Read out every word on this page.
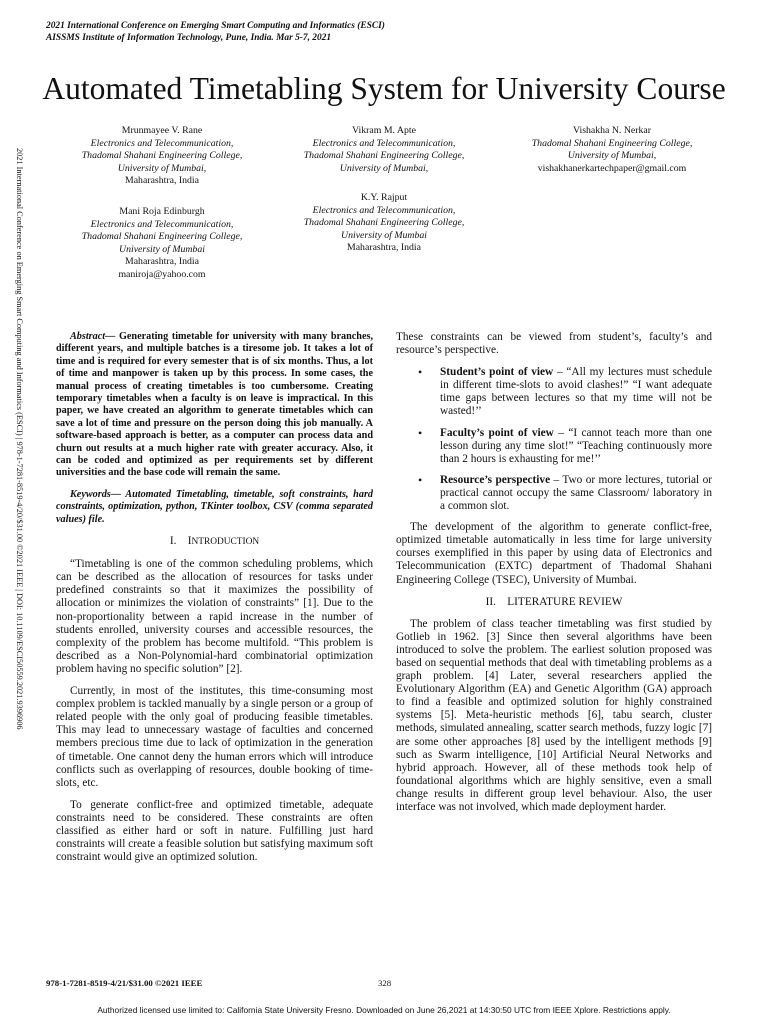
2021 International Conference on Emerging Smart Computing and Informatics (ESCI)
AISSMS Institute of Information Technology, Pune, India. Mar 5-7, 2021
Automated Timetabling System for University Course
2021 International Conference on Emerging Smart Computing and Informatics (ESCI) | 978-1-7281-8519-4/20/$31.00 ©2021 IEEE | DOI: 10.1109/ESCI50559.2021.9396906
Mrunmayee V. Rane
Electronics and Telecommunication,
Thadomal Shahani Engineering College,
University of Mumbai,
Maharashtra, India
Vikram M. Apte
Electronics and Telecommunication,
Thadomal Shahani Engineering College,
University of Mumbai,
Vishakha N. Nerkar
Thadomal Shahani Engineering College,
University of Mumbai,
vishakhanerkartechpaper@gmail.com
Mani Roja Edinburgh
Electronics and Telecommunication,
Thadomal Shahani Engineering College,
University of Mumbai
Maharashtra, India
maniroja@yahoo.com
K.Y. Rajput
Electronics and Telecommunication,
Thadomal Shahani Engineering College,
University of Mumbai
Maharashtra, India

Abstract— Generating timetable for university with many branches, different years, and multiple batches is a tiresome job. It takes a lot of time and is required for every semester that is of six months. Thus, a lot of time and manpower is taken up by this process. In some cases, the manual process of creating timetables is too cumbersome. Creating temporary timetables when a faculty is on leave is impractical. In this paper, we have created an algorithm to generate timetables which can save a lot of time and pressure on the person doing this job manually. A software-based approach is better, as a computer can process data and churn out results at a much higher rate with greater accuracy. Also, it can be coded and optimized as per requirements set by different universities and the base code will remain the same.

Keywords— Automated Timetabling, timetable, soft constraints, hard constraints, optimization, python, TKinter toolbox, CSV (comma separated values) file.

I. INTRODUCTION

“Timetabling is one of the common scheduling problems, which can be described as the allocation of resources for tasks under predefined constraints so that it maximizes the possibility of allocation or minimizes the violation of constraints” [1]. Due to the non-proportionality between a rapid increase in the number of students enrolled, university courses and accessible resources, the complexity of the problem has become multifold. “This problem is described as a Non-Polynomial-hard combinatorial optimization problem having no specific solution” [2].

Currently, in most of the institutes, this time-consuming most complex problem is tackled manually by a single person or a group of related people with the only goal of producing feasible timetables. This may lead to unnecessary wastage of faculties and concerned members precious time due to lack of optimization in the generation of timetable. One cannot deny the human errors which will introduce conflicts such as overlapping of resources, double booking of time-slots, etc.

To generate conflict-free and optimized timetable, adequate constraints need to be considered. These constraints are often classified as either hard or soft in nature. Fulfilling just hard constraints will create a feasible solution but satisfying maximum soft constraint would give an optimized solution.

These constraints can be viewed from student’s, faculty’s and resource’s perspective.

• Student’s point of view – “All my lectures must schedule in different time-slots to avoid clashes!” “I want adequate time gaps between lectures so that my time will not be wasted!’’
• Faculty’s point of view – “I cannot teach more than one lesson during any time slot!” “Teaching continuously more than 2 hours is exhausting for me!’’
• Resource’s perspective – Two or more lectures, tutorial or practical cannot occupy the same Classroom/ laboratory in a common slot.

The development of the algorithm to generate conflict-free, optimized timetable automatically in less time for large university courses exemplified in this paper by using data of Electronics and Telecommunication (EXTC) department of Thadomal Shahani Engineering College (TSEC), University of Mumbai.

II. LITERATURE REVIEW

The problem of class teacher timetabling was first studied by Gotlieb in 1962. [3] Since then several algorithms have been introduced to solve the problem. The earliest solution proposed was based on sequential methods that deal with timetabling problems as a graph problem. [4] Later, several researchers applied the Evolutionary Algorithm (EA) and Genetic Algorithm (GA) approach to find a feasible and optimized solution for highly constrained systems [5]. Meta-heuristic methods [6], tabu search, cluster methods, simulated annealing, scatter search methods, fuzzy logic [7] are some other approaches [8] used by the intelligent methods [9] such as Swarm intelligence, [10] Artificial Neural Networks and hybrid approach. However, all of these methods took help of foundational algorithms which are highly sensitive, even a small change results in different group level behaviour. Also, the user interface was not involved, which made deployment harder.

978-1-7281-8519-4/21/$31.00 ©2021 IEEE	328
Authorized licensed use limited to: California State University Fresno. Downloaded on June 26,2021 at 14:30:50 UTC from IEEE Xplore. Restrictions apply.
